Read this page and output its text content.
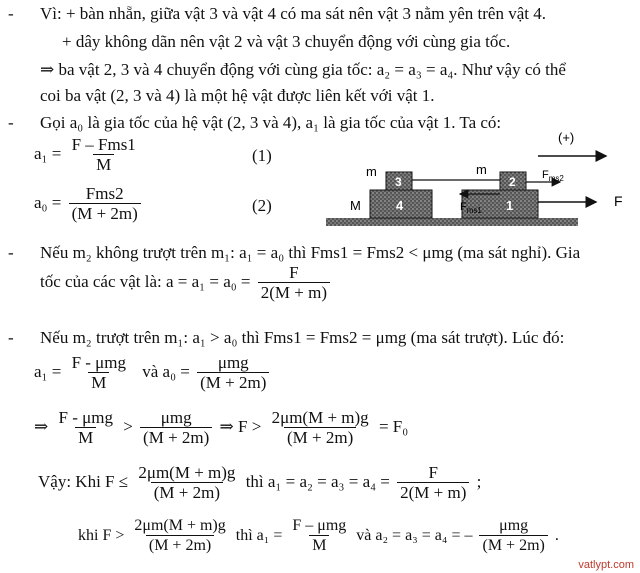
- Vì: + bàn nhẵn, giữa vật 3 và vật 4 có ma sát nên vật 3 nằm yên trên vật 4.
+ dây không dãn nên vật 2 và vật 3 chuyển động với cùng gia tốc.
⇒ ba vật 2, 3 và 4 chuyển động với cùng gia tốc: a₂ = a₃ = a₄. Như vậy có thể
coi ba vật (2, 3 và 4) là một hệ vật được liên kết với vật 1.
- Gọi a₀ là gia tốc của hệ vật (2, 3 và 4), a₁ là gia tốc của vật 1. Ta có:
$a_1 = \frac{\text{F – Fms1}}{M}$	(1)
$a_0 = \frac{\text{Fms2}}{(M + 2m)}$	(2)
(+)
4
3
m
M
m
1
2 $F_{ms2}$
$F_{ms1}$
F
- Nếu m₂ không trượt trên m₁: a₁ = a₀ thì Fms1 = Fms2 < μmg (ma sát nghỉ). Gia
tốc của các vật là: $a = a_1 = a_0 = \frac{F}{2(M + m)}$
- Nếu m₂ trượt trên m₁: a₁ > a₀ thì Fms1 = Fms2 = μmg (ma sát trượt). Lúc đó:
$a_1 = \frac{\text{F - μmg}}{M}$ và $a_0 = \frac{\text{μmg}}{(M + 2m)}$
⇒ $\frac{\text{F - μmg}}{M} > \frac{\text{μmg}}{(M + 2m)}$ ⇒ $F > \frac{2\mu m(M + m)g}{(M + 2m)} = F_0$
Vậy: Khi $F \le \frac{2\mu m(M + m)g}{(M + 2m)}$ thì $a_1 = a_2 = a_3 = a_4 = \frac{F}{2(M + m)}$ ;
khi $F > \frac{2\mu m(M + m)g}{(M + 2m)}$ thì $a_1 = \frac{\text{F – μmg}}{M}$ và a₂ = a₃ = a₄ = – $\frac{\text{μmg}}{(M + 2m)}$ .
vatlypt.com
